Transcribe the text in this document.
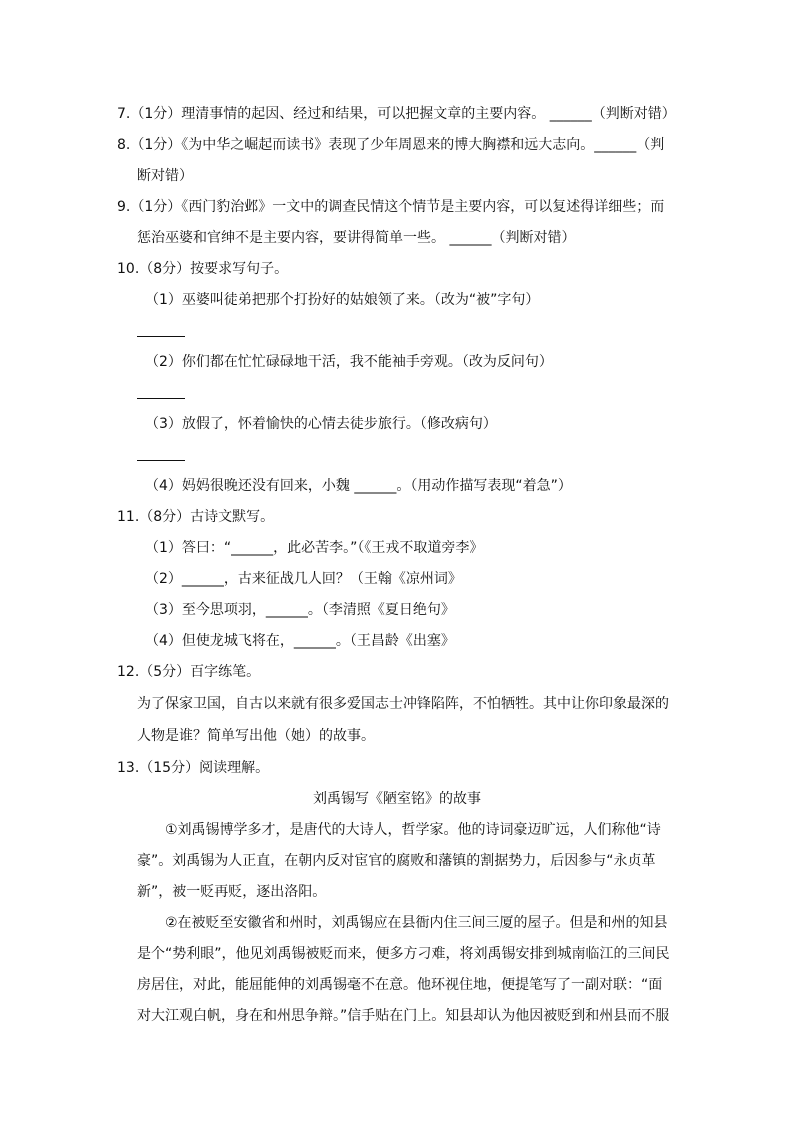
7.（1分）理清事情的起因、经过和结果，可以把握文章的主要内容。 ______（判断对错）
8.（1分）《为中华之崛起而读书》表现了少年周恩来的博大胸襟和远大志向。______（判
断对错）
9.（1分）《西门豹治邺》一文中的调查民情这个情节是主要内容，可以复述得详细些；而
惩治巫婆和官绅不是主要内容，要讲得简单一些。 ______（判断对错）
10.（8分）按要求写句子。
（1）巫婆叫徒弟把那个打扮好的姑娘领了来。（改为“被”字句）
（2）你们都在忙忙碌碌地干活，我不能袖手旁观。（改为反问句）
（3）放假了，怀着愉快的心情去徒步旅行。（修改病句）
（4）妈妈很晚还没有回来，小魏 ______。（用动作描写表现“着急”）
11.（8分）古诗文默写。
（1）答曰：“______，此必苦李。”（《王戎不取道旁李》
（2）______，古来征战几人回？（王翰《凉州词》
（3）至今思项羽，______。（李清照《夏日绝句》
（4）但使龙城飞将在，______。（王昌龄《出塞》
12.（5分）百字练笔。
为了保家卫国，自古以来就有很多爱国志士冲锋陷阵，不怕牺牲。其中让你印象最深的
人物是谁？简单写出他（她）的故事。
13.（15分）阅读理解。
刘禹锡写《陋室铭》的故事
①刘禹锡博学多才，是唐代的大诗人，哲学家。他的诗词豪迈旷远，人们称他“诗
豪”。刘禹锡为人正直，在朝内反对宦官的腐败和藩镇的割据势力，后因参与“永贞革
新”，被一贬再贬，逐出洛阳。
②在被贬至安徽省和州时，刘禹锡应在县衙内住三间三厦的屋子。但是和州的知县
是个“势利眼”，他见刘禹锡被贬而来，便多方刁难，将刘禹锡安排到城南临江的三间民
房居住，对此，能屈能伸的刘禹锡毫不在意。他环视住地，便提笔写了一副对联：“面
对大江观白帆，身在和州思争辩。”信手贴在门上。知县却认为他因被贬到和州县而不服
